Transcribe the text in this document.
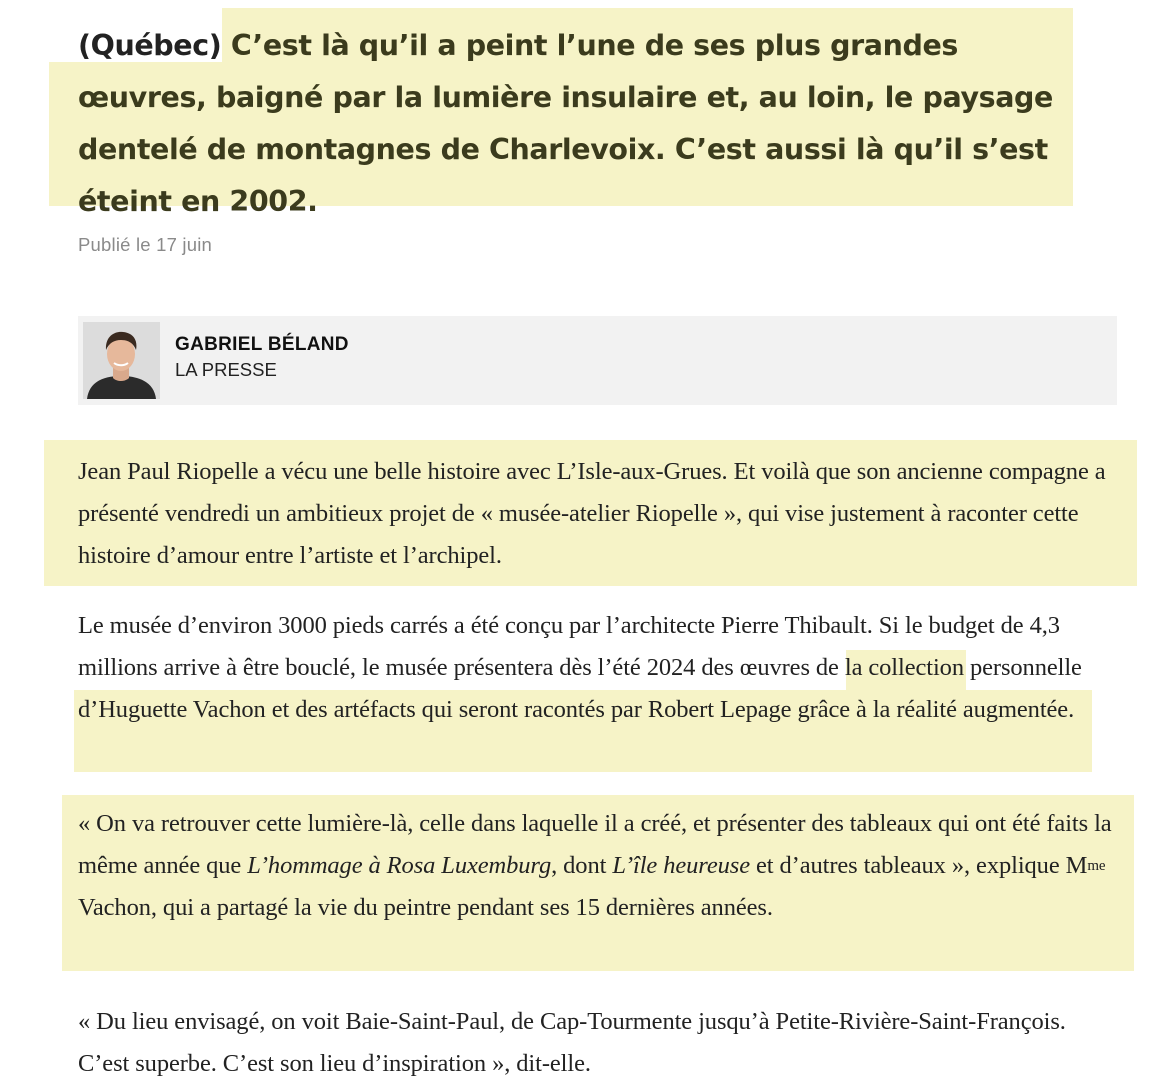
(Québec) C’est là qu’il a peint l’une de ses plus grandes œuvres, baigné par la lumière insulaire et, au loin, le paysage dentelé de montagnes de Charlevoix. C’est aussi là qu’il s’est éteint en 2002.

Publié le 17 juin
GABRIEL BÉLAND
LA PRESSE

Jean Paul Riopelle a vécu une belle histoire avec L’Isle-aux-Grues. Et voilà que son ancienne compagne a présenté vendredi un ambitieux projet de « musée-atelier Riopelle », qui vise justement à raconter cette histoire d’amour entre l’artiste et l’archipel.

Le musée d’environ 3000 pieds carrés a été conçu par l’architecte Pierre Thibault. Si le budget de 4,3 millions arrive à être bouclé, le musée présentera dès l’été 2024 des œuvres de la collection personnelle d’Huguette Vachon et des artéfacts qui seront racontés par Robert Lepage grâce à la réalité augmentée.

« On va retrouver cette lumière-là, celle dans laquelle il a créé, et présenter des tableaux qui ont été faits la même année que L’hommage à Rosa Luxemburg, dont L’île heureuse et d’autres tableaux », explique $M^{me}$ Vachon, qui a partagé la vie du peintre pendant ses 15 dernières années.

« Du lieu envisagé, on voit Baie-Saint-Paul, de Cap-Tourmente jusqu’à Petite-Rivière-Saint-François. C’est superbe. C’est son lieu d’inspiration », dit-elle.
